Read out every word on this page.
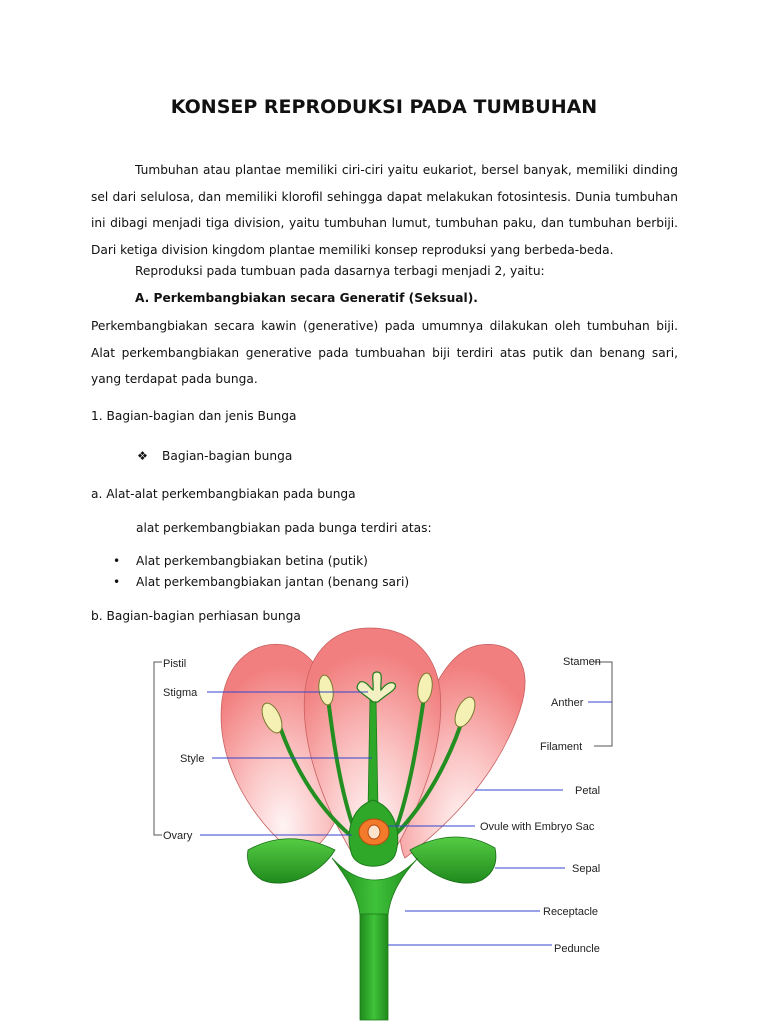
KONSEP REPRODUKSI PADA TUMBUHAN
Tumbuhan atau plantae memiliki ciri-ciri yaitu eukariot, bersel banyak, memiliki dinding sel dari selulosa, dan memiliki klorofil sehingga dapat melakukan fotosintesis. Dunia tumbuhan ini dibagi menjadi tiga division, yaitu tumbuhan lumut, tumbuhan paku, dan tumbuhan berbiji. Dari ketiga division kingdom plantae memiliki konsep reproduksi yang berbeda-beda.
Reproduksi pada tumbuan pada dasarnya terbagi menjadi 2, yaitu:
A. Perkembangbiakan secara Generatif (Seksual).
Perkembangbiakan secara kawin (generative) pada umumnya dilakukan oleh tumbuhan biji. Alat perkembangbiakan generative pada tumbuahan biji terdiri atas putik dan benang sari, yang terdapat pada bunga.
1. Bagian-bagian dan jenis Bunga
❖ Bagian-bagian bunga
a. Alat-alat perkembangbiakan pada bunga
alat perkembangbiakan pada bunga terdiri atas:
• Alat perkembangbiakan betina (putik)
• Alat perkembangbiakan jantan (benang sari)
b. Bagian-bagian perhiasan bunga
Pistil
Stigma
Style
Ovary
Stamen
Anther
Filament
Petal
Ovule with Embryo Sac
Sepal
Receptacle
Peduncle
